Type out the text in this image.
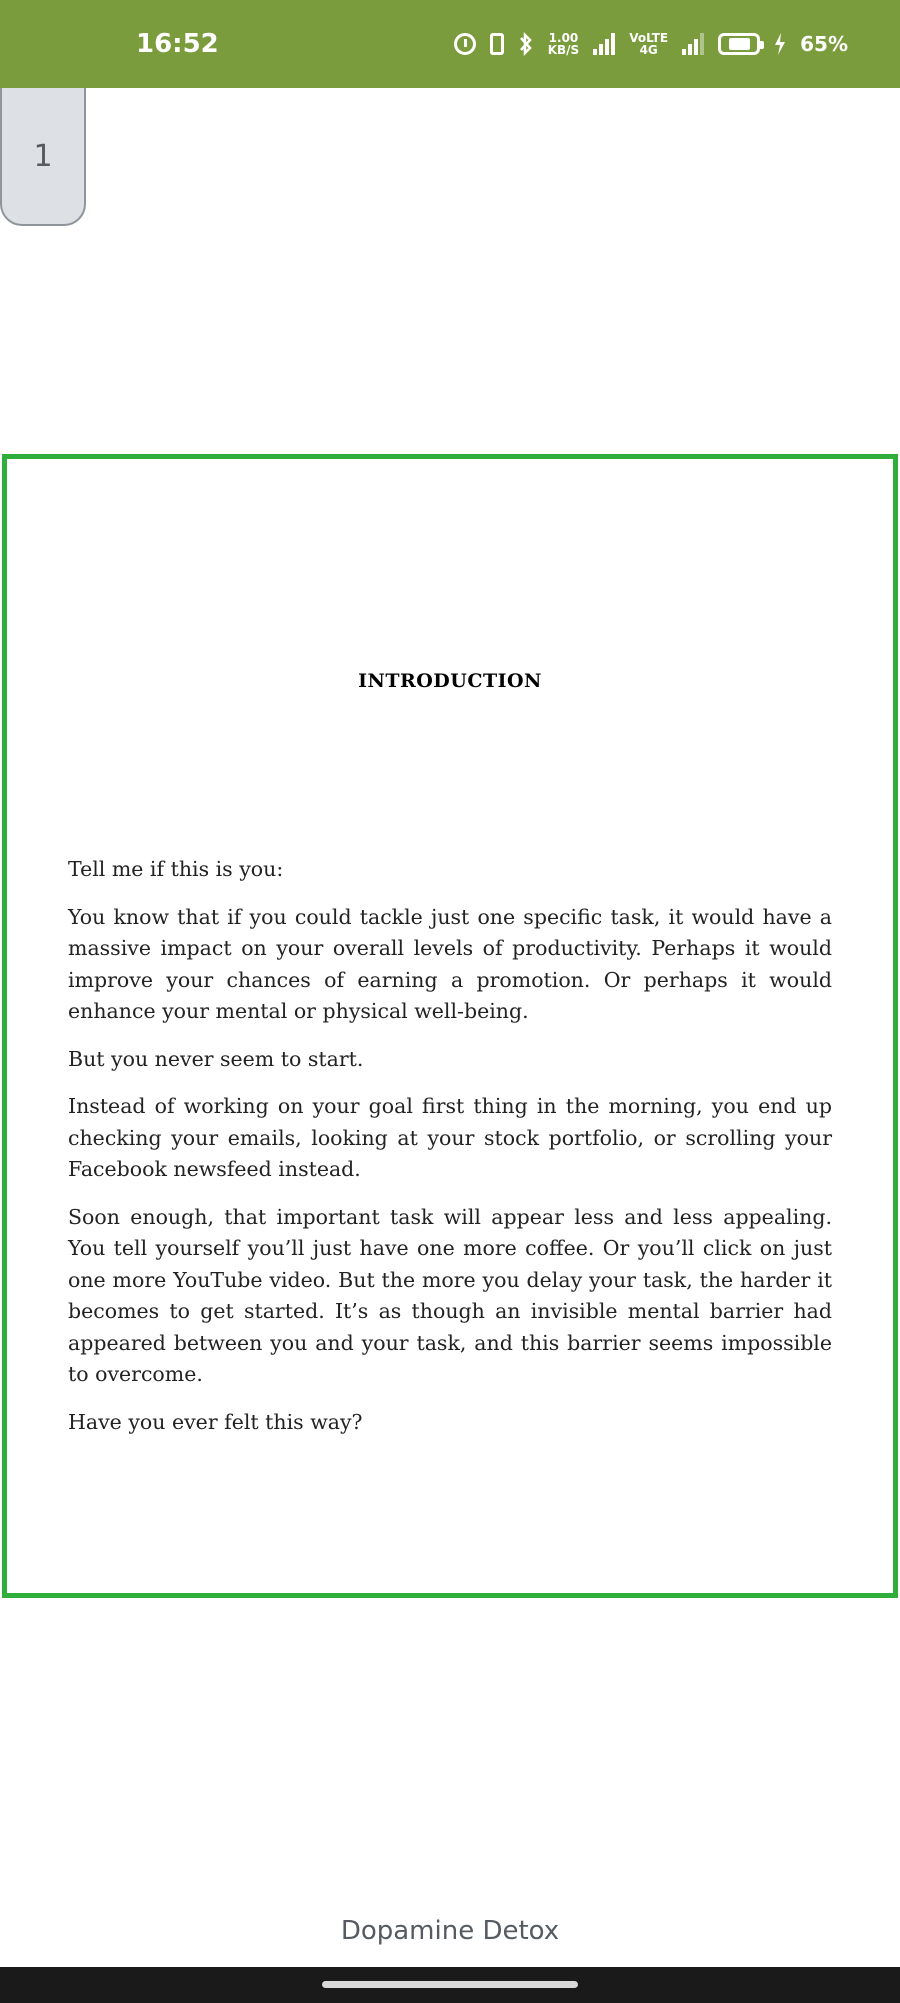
16:52	1.00
KB/S
VoLTE
4G	65%
1
INTRODUCTION

Tell me if this is you:

You know that if you could tackle just one specific task, it would have a massive impact on your overall levels of productivity. Perhaps it would improve your chances of earning a promotion. Or perhaps it would enhance your mental or physical well-being.

But you never seem to start.

Instead of working on your goal first thing in the morning, you end up checking your emails, looking at your stock portfolio, or scrolling your Facebook newsfeed instead.

Soon enough, that important task will appear less and less appealing. You tell yourself you’ll just have one more coffee. Or you’ll click on just one more YouTube video. But the more you delay your task, the harder it becomes to get started. It’s as though an invisible mental barrier had appeared between you and your task, and this barrier seems impossible to overcome.

Have you ever felt this way?

Dopamine Detox
